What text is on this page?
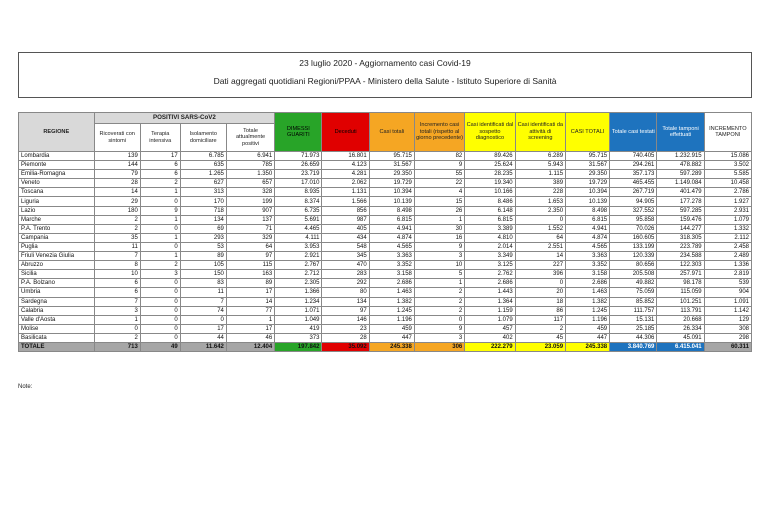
23 luglio 2020 - Aggiornamento casi Covid-19
Dati aggregati quotidiani Regioni/PPAA - Ministero della Salute - Istituto Superiore di Sanità
REGIONE	POSITIVI SARS-CoV2				DIMESSI GUARITI	Deceduti	Casi totali	Incremento casi totali (rispetto al giorno precedente)	Casi identificati dal sospetto diagnostico	Casi identificati da attività di screening	CASI TOTALI	Totale casi testati	Totale tamponi effettuati	INCREMENTO TAMPONI
	Ricoverati con sintomi	Terapia intensiva	Isolamento domiciliare	Totale attualmente positivi										
Lombardia	139	17	6.785	6.941	71.973	16.801	95.715	82	89.426	6.289	95.715	740.405	1.232.915	15.086
Piemonte	144	6	635	785	26.659	4.123	31.567	9	25.624	5.943	31.567	294.261	478.882	3.502
Emilia-Romagna	79	6	1.265	1.350	23.719	4.281	29.350	55	28.235	1.115	29.350	357.173	597.289	5.585
Veneto	28	2	627	657	17.010	2.062	19.729	22	19.340	389	19.729	465.455	1.149.084	10.458
Toscana	14	1	313	328	8.935	1.131	10.394	4	10.166	228	10.394	267.719	401.479	2.786
Liguria	29	0	170	199	8.374	1.566	10.139	15	8.486	1.653	10.139	94.905	177.278	1.927
Lazio	180	9	718	907	6.735	856	8.498	26	6.148	2.350	8.498	327.552	597.285	2.931
Marche	2	1	134	137	5.691	987	6.815	1	6.815	0	6.815	95.858	159.476	1.079
P.A. Trento	2	0	69	71	4.465	405	4.941	30	3.389	1.552	4.941	70.026	144.277	1.332
Campania	35	1	293	329	4.111	434	4.874	16	4.810	64	4.874	160.605	318.305	2.112
Puglia	11	0	53	64	3.953	548	4.565	9	2.014	2.551	4.565	133.199	223.789	2.458
Friuli Venezia Giulia	7	1	89	97	2.921	345	3.363	3	3.349	14	3.363	120.339	234.588	2.489
Abruzzo	8	2	105	115	2.767	470	3.352	10	3.125	227	3.352	80.656	122.303	1.336
Sicilia	10	3	150	163	2.712	283	3.158	5	2.762	396	3.158	205.508	257.971	2.819
P.A. Bolzano	6	0	83	89	2.305	292	2.686	1	2.686	0	2.686	49.882	98.178	539
Umbria	6	0	11	17	1.366	80	1.463	2	1.443	20	1.463	75.059	115.059	904
Sardegna	7	0	7	14	1.234	134	1.382	2	1.364	18	1.382	85.852	101.251	1.091
Calabria	3	0	74	77	1.071	97	1.245	2	1.159	86	1.245	111.757	113.791	1.142
Valle d'Aosta	1	0	0	1	1.049	146	1.196	0	1.079	117	1.196	15.131	20.668	129
Molise	0	0	17	17	419	23	459	9	457	2	459	25.185	26.334	308
Basilicata	2	0	44	46	373	28	447	3	402	45	447	44.306	45.091	298
TOTALE	713	49	11.642	12.404	197.842	35.092	245.338	306	222.279	23.059	245.338	3.840.769	6.415.041	60.311
Note:
